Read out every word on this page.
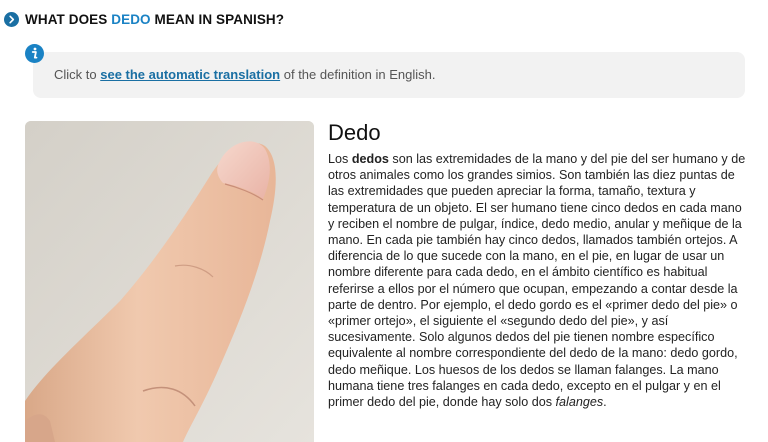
WHAT DOES DEDO MEAN IN SPANISH?
Click to see the automatic translation of the definition in English.
Dedo

Los dedos son las extremidades de la mano y del pie del ser humano y de otros animales como los grandes simios. Son también las diez puntas de las extremidades que pueden apreciar la forma, tamaño, textura y temperatura de un objeto. El ser humano tiene cinco dedos en cada mano y reciben el nombre de pulgar, índice, dedo medio, anular y meñique de la mano. En cada pie también hay cinco dedos, llamados también ortejos. A diferencia de lo que sucede con la mano, en el pie, en lugar de usar un nombre diferente para cada dedo, en el ámbito científico es habitual referirse a ellos por el número que ocupan, empezando a contar desde la parte de dentro. Por ejemplo, el dedo gordo es el «primer dedo del pie» o «primer ortejo», el siguiente el «segundo dedo del pie», y así sucesivamente. Solo algunos dedos del pie tienen nombre específico equivalente al nombre correspondiente del dedo de la mano: dedo gordo, dedo meñique. Los huesos de los dedos se llaman falanges. La mano humana tiene tres falanges en cada dedo, excepto en el pulgar y en el primer dedo del pie, donde hay solo dos falanges.
